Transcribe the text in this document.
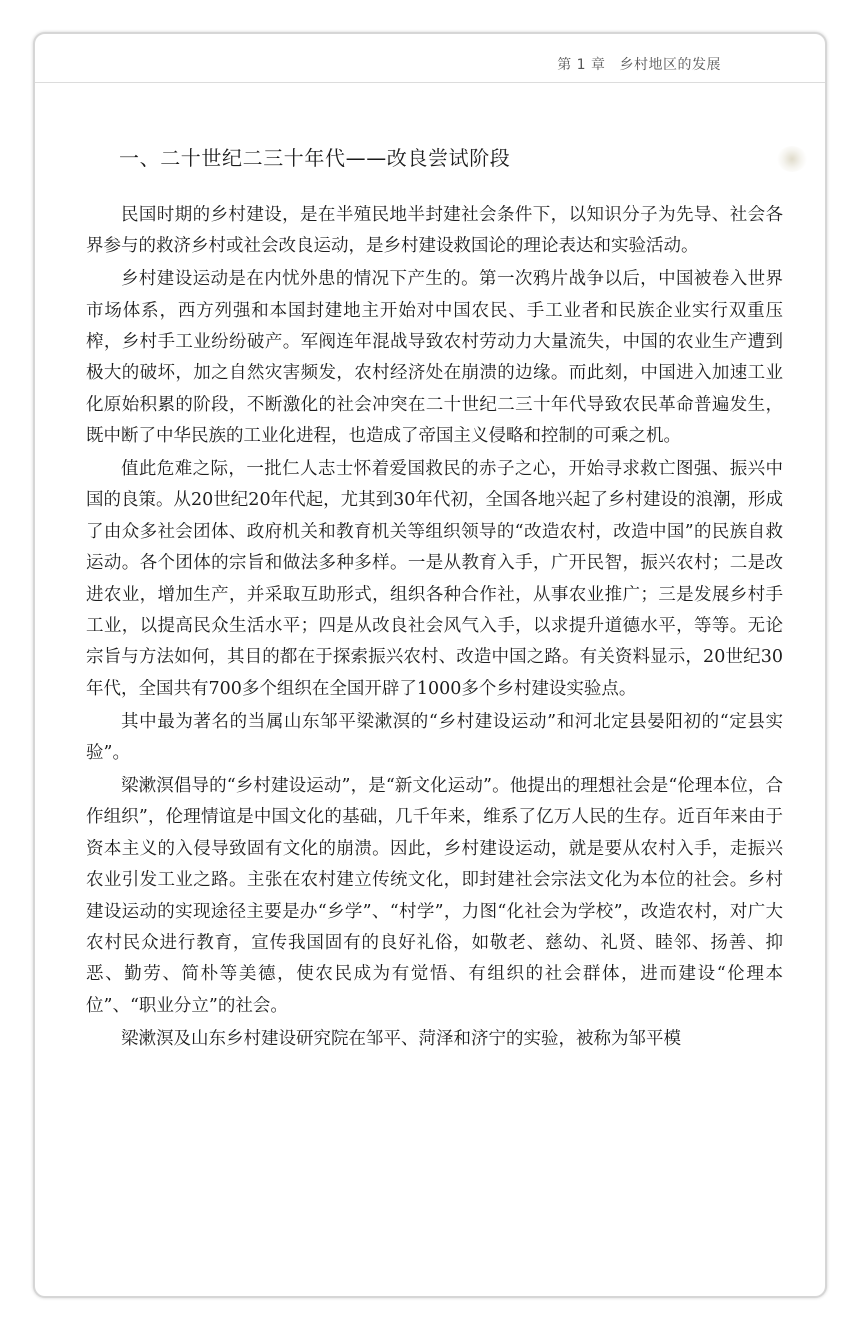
第 1 章 乡村地区的发展
一、二十世纪二三十年代——改良尝试阶段

民国时期的乡村建设，是在半殖民地半封建社会条件下，以知识分子为先导、社会各界参与的救济乡村或社会改良运动，是乡村建设救国论的理论表达和实验活动。

乡村建设运动是在内忧外患的情况下产生的。第一次鸦片战争以后，中国被卷入世界市场体系，西方列强和本国封建地主开始对中国农民、手工业者和民族企业实行双重压榨，乡村手工业纷纷破产。军阀连年混战导致农村劳动力大量流失，中国的农业生产遭到极大的破坏，加之自然灾害频发，农村经济处在崩溃的边缘。而此刻，中国进入加速工业化原始积累的阶段，不断激化的社会冲突在二十世纪二三十年代导致农民革命普遍发生，既中断了中华民族的工业化进程，也造成了帝国主义侵略和控制的可乘之机。

值此危难之际，一批仁人志士怀着爱国救民的赤子之心，开始寻求救亡图强、振兴中国的良策。从20世纪20年代起，尤其到30年代初，全国各地兴起了乡村建设的浪潮，形成了由众多社会团体、政府机关和教育机关等组织领导的“改造农村，改造中国”的民族自救运动。各个团体的宗旨和做法多种多样。一是从教育入手，广开民智，振兴农村；二是改进农业，增加生产，并采取互助形式，组织各种合作社，从事农业推广；三是发展乡村手工业，以提高民众生活水平；四是从改良社会风气入手，以求提升道德水平，等等。无论宗旨与方法如何，其目的都在于探索振兴农村、改造中国之路。有关资料显示，20世纪30年代，全国共有700多个组织在全国开辟了1000多个乡村建设实验点。

其中最为著名的当属山东邹平梁漱溟的“乡村建设运动”和河北定县晏阳初的“定县实验”。

梁漱溟倡导的“乡村建设运动”，是“新文化运动”。他提出的理想社会是“伦理本位，合作组织”，伦理情谊是中国文化的基础，几千年来，维系了亿万人民的生存。近百年来由于资本主义的入侵导致固有文化的崩溃。因此，乡村建设运动，就是要从农村入手，走振兴农业引发工业之路。主张在农村建立传统文化，即封建社会宗法文化为本位的社会。乡村建设运动的实现途径主要是办“乡学”、“村学”，力图“化社会为学校”，改造农村，对广大农村民众进行教育，宣传我国固有的良好礼俗，如敬老、慈幼、礼贤、睦邻、扬善、抑恶、勤劳、简朴等美德，使农民成为有觉悟、有组织的社会群体，进而建设“伦理本位”、“职业分立”的社会。

梁漱溟及山东乡村建设研究院在邹平、菏泽和济宁的实验，被称为邹平模
